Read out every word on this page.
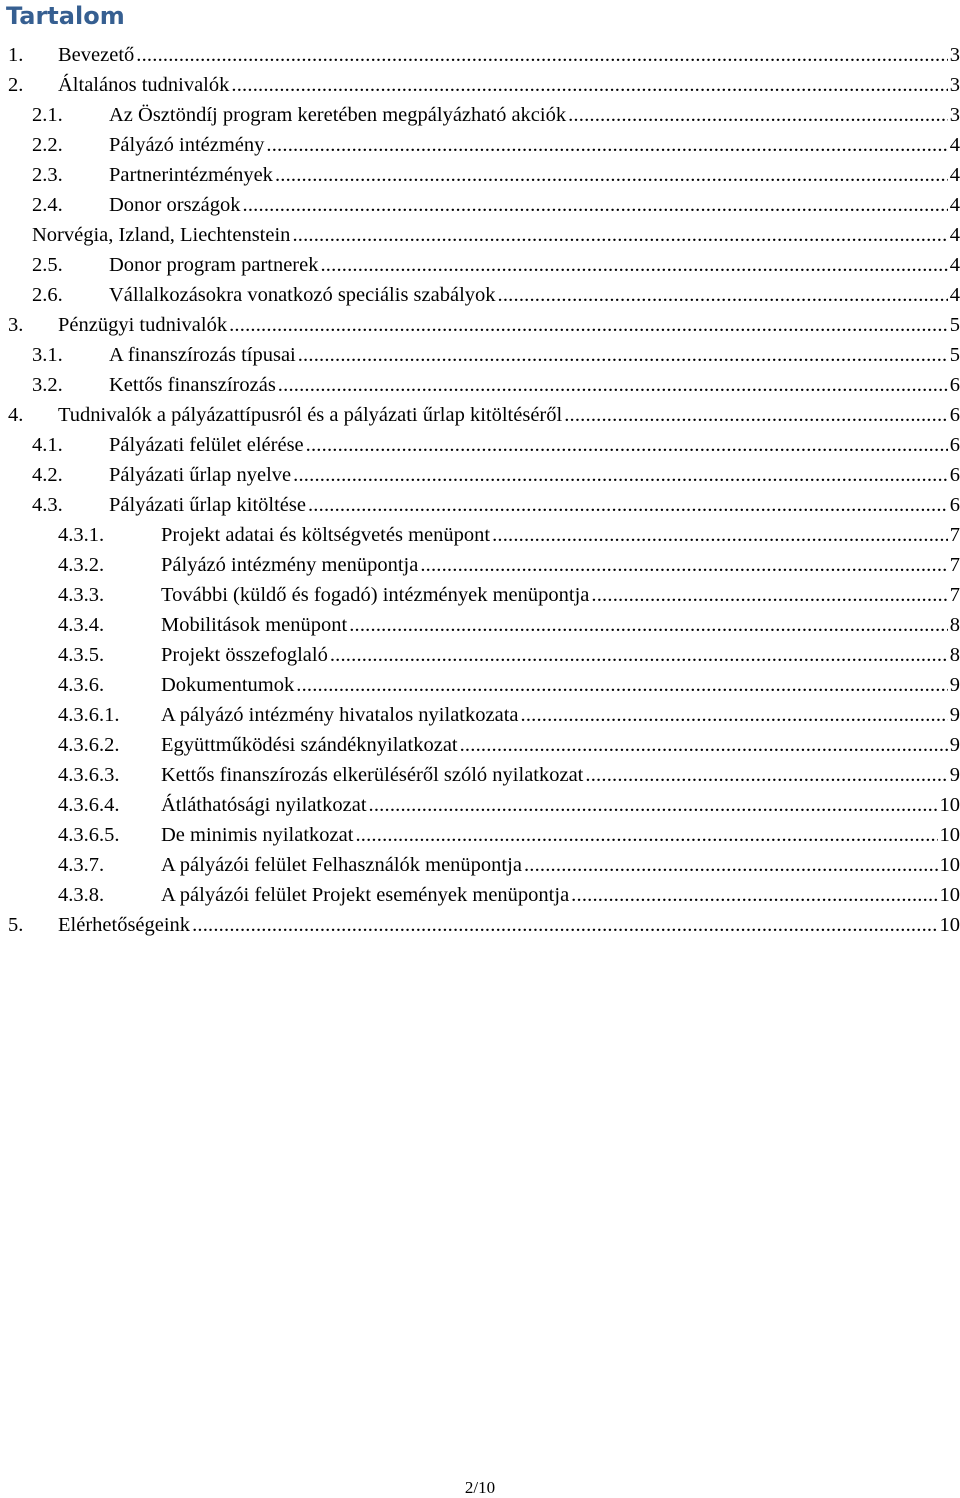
Tartalom
1. Bevezető .....	3
2. Általános tudnivalók .....	3
2.1. Az Ösztöndíj program keretében megpályázható akciók .....	3
2.2. Pályázó intézmény .....	4
2.3. Partnerintézmények .....	4
2.4. Donor országok .....	4
Norvégia, Izland, Liechtenstein .....	4
2.5. Donor program partnerek .....	4
2.6. Vállalkozásokra vonatkozó speciális szabályok .....	4
3. Pénzügyi tudnivalók .....	5
3.1. A finanszírozás típusai .....	5
3.2. Kettős finanszírozás .....	6
4. Tudnivalók a pályázattípusról és a pályázati űrlap kitöltéséről .....	6
4.1. Pályázati felület elérése .....	6
4.2. Pályázati űrlap nyelve .....	6
4.3. Pályázati űrlap kitöltése .....	6
4.3.1.	Projekt adatai és költségvetés menüpont .....	7
4.3.2.	Pályázó intézmény menüpontja .....	7
4.3.3.	További (küldő és fogadó) intézmények menüpontja .....	7
4.3.4.	Mobilitások menüpont .....	8
4.3.5.	Projekt összefoglaló .....	8
4.3.6.	Dokumentumok .....	9
4.3.6.1. A pályázó intézmény hivatalos nyilatkozata .....	9
4.3.6.2. Együttműködési szándéknyilatkozat .....	9
4.3.6.3. Kettős finanszírozás elkerüléséről szóló nyilatkozat .....	9
4.3.6.4. Átláthatósági nyilatkozat .....	10
4.3.6.5. De minimis nyilatkozat .....	10
4.3.7.	A pályázói felület Felhasználók menüpontja .....	10
4.3.8.	A pályázói felület Projekt események menüpontja .....	10
5. Elérhetőségeink .....	10
2/10
